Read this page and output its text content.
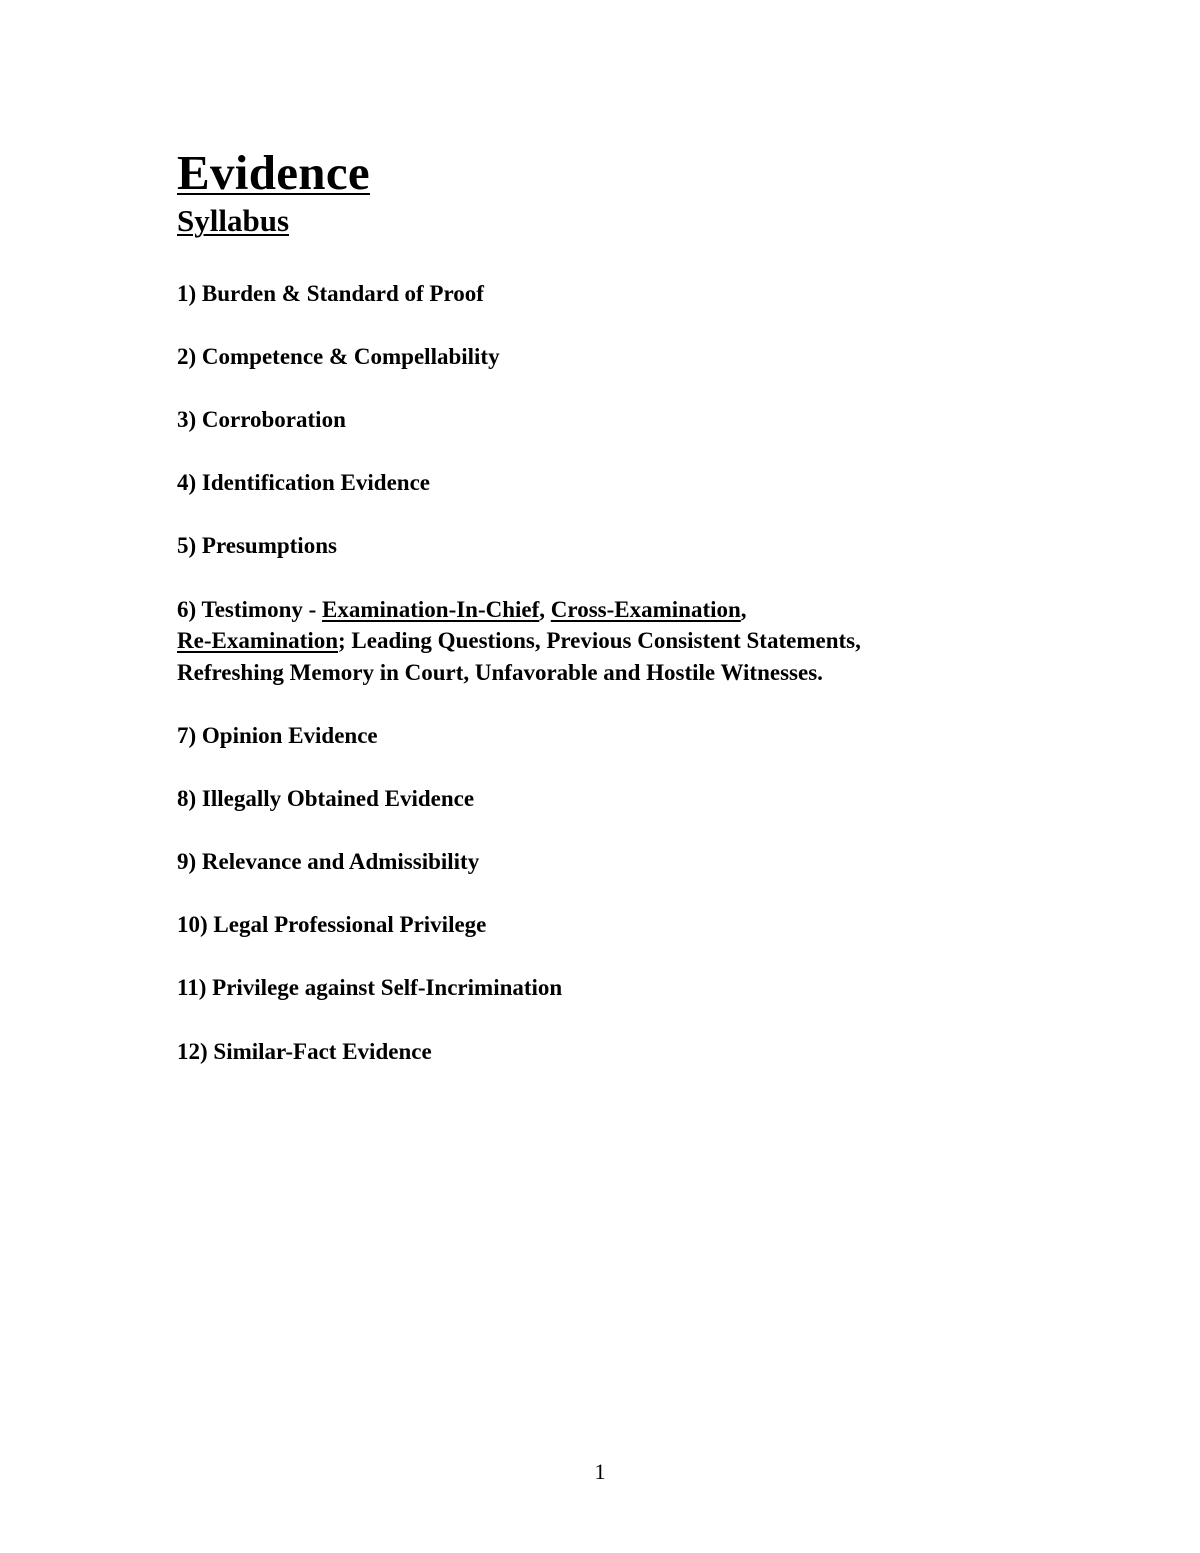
Evidence
Syllabus

1) Burden & Standard of Proof

2) Competence & Compellability

3) Corroboration

4) Identification Evidence

5) Presumptions

6) Testimony - Examination-In-Chief, Cross-Examination,

Re-Examination; Leading Questions, Previous Consistent Statements,

Refreshing Memory in Court, Unfavorable and Hostile Witnesses.

7) Opinion Evidence

8) Illegally Obtained Evidence

9) Relevance and Admissibility

10) Legal Professional Privilege

11) Privilege against Self-Incrimination

12) Similar-Fact Evidence

1
